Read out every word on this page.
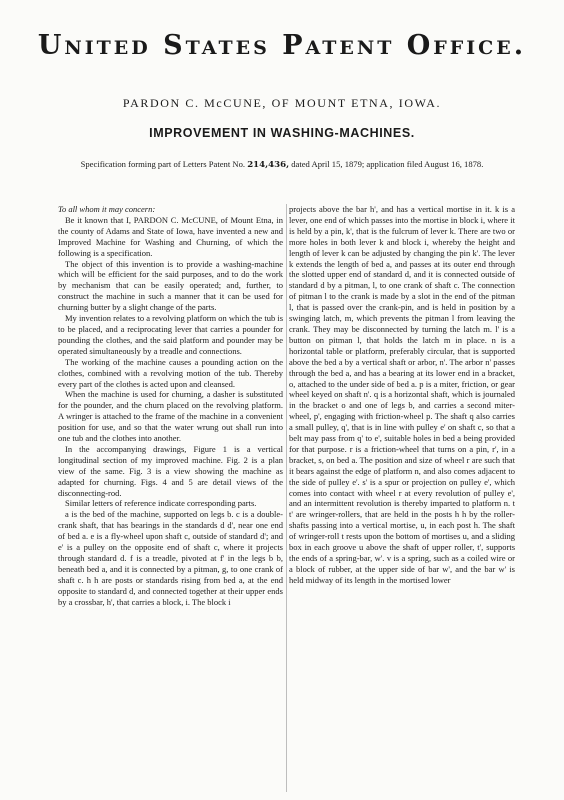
United States Patent Office.
PARDON C. McCUNE, OF MOUNT ETNA, IOWA.
IMPROVEMENT IN WASHING-MACHINES.
Specification forming part of Letters Patent No. 214,436, dated April 15, 1879; application filed August 16, 1878.

To all whom it may concern:

Be it known that I, PARDON C. McCUNE, of Mount Etna, in the county of Adams and State of Iowa, have invented a new and Improved Machine for Washing and Churning, of which the following is a specification.

The object of this invention is to provide a washing-machine which will be efficient for the said purposes, and to do the work by mechanism that can be easily operated; and, further, to construct the machine in such a manner that it can be used for churning butter by a slight change of the parts.

My invention relates to a revolving platform on which the tub is to be placed, and a reciprocating lever that carries a pounder for pounding the clothes, and the said platform and pounder may be operated simultaneously by a treadle and connections.

The working of the machine causes a pounding action on the clothes, combined with a revolving motion of the tub. Thereby every part of the clothes is acted upon and cleansed.

When the machine is used for churning, a dasher is substituted for the pounder, and the churn placed on the revolving platform. A wringer is attached to the frame of the machine in a convenient position for use, and so that the water wrung out shall run into one tub and the clothes into another.

In the accompanying drawings, Figure 1 is a vertical longitudinal section of my improved machine. Fig. 2 is a plan view of the same. Fig. 3 is a view showing the machine as adapted for churning. Figs. 4 and 5 are detail views of the disconnecting-rod.

Similar letters of reference indicate corresponding parts.

a is the bed of the machine, supported on legs b. c is a double-crank shaft, that has bearings in the standards d d', near one end of bed a. e is a fly-wheel upon shaft c, outside of standard d'; and e' is a pulley on the opposite end of shaft c, where it projects through standard d. f is a treadle, pivoted at f' in the legs b b, beneath bed a, and it is connected by a pitman, g, to one crank of shaft c. h h are posts or standards rising from bed a, at the end opposite to standard d, and connected together at their upper ends by a crossbar, h', that carries a block, i. The block i

projects above the bar h', and has a vertical mortise in it. k is a lever, one end of which passes into the mortise in block i, where it is held by a pin, k', that is the fulcrum of lever k. There are two or more holes in both lever k and block i, whereby the height and length of lever k can be adjusted by changing the pin k'. The lever k extends the length of bed a, and passes at its outer end through the slotted upper end of standard d, and it is connected outside of standard d by a pitman, l, to one crank of shaft c. The connection of pitman l to the crank is made by a slot in the end of the pitman l, that is passed over the crank-pin, and is held in position by a swinging latch, m, which prevents the pitman l from leaving the crank. They may be disconnected by turning the latch m. l' is a button on pitman l, that holds the latch m in place. n is a horizontal table or platform, preferably circular, that is supported above the bed a by a vertical shaft or arbor, n'. The arbor n' passes through the bed a, and has a bearing at its lower end in a bracket, o, attached to the under side of bed a. p is a miter, friction, or gear wheel keyed on shaft n'. q is a horizontal shaft, which is journaled in the bracket o and one of legs b, and carries a second miter-wheel, p', engaging with friction-wheel p. The shaft q also carries a small pulley, q', that is in line with pulley e' on shaft c, so that a belt may pass from q' to e', suitable holes in bed a being provided for that purpose. r is a friction-wheel that turns on a pin, r', in a bracket, s, on bed a. The position and size of wheel r are such that it bears against the edge of platform n, and also comes adjacent to the side of pulley e'. s' is a spur or projection on pulley e', which comes into contact with wheel r at every revolution of pulley e', and an intermittent revolution is thereby imparted to platform n. t t' are wringer-rollers, that are held in the posts h h by the roller-shafts passing into a vertical mortise, u, in each post h. The shaft of wringer-roll t rests upon the bottom of mortises u, and a sliding box in each groove u above the shaft of upper roller, t', supports the ends of a spring-bar, w'. v is a spring, such as a coiled wire or a block of rubber, at the upper side of bar w', and the bar w' is held midway of its length in the mortised lower
